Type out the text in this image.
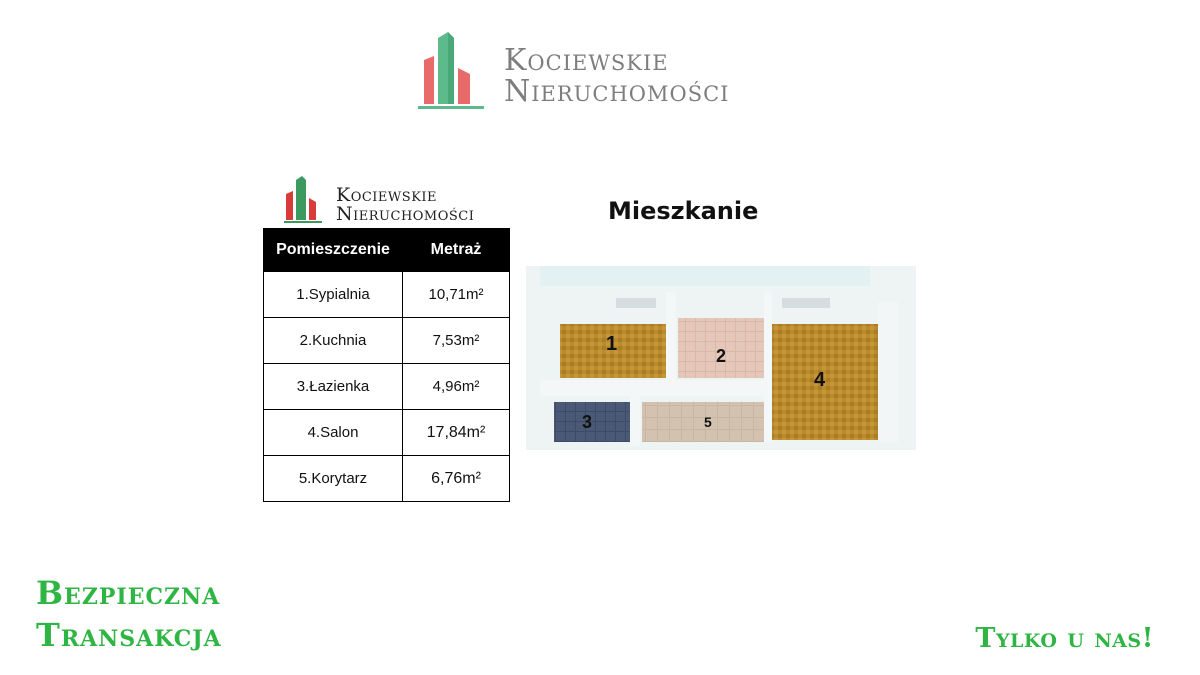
Kociewskie
Nieruchomości
Kociewskie
Nieruchomości
Pomieszczenie	Metraż
1.Sypialnia	10,71m²
2.Kuchnia	7,53m²
3.Łazienka	4,96m²
4.Salon	17,84m²
5.Korytarz	6,76m²
Mieszkanie
1
2
3
4
5
Bezpieczna
Transakcja	Tylko u nas!
